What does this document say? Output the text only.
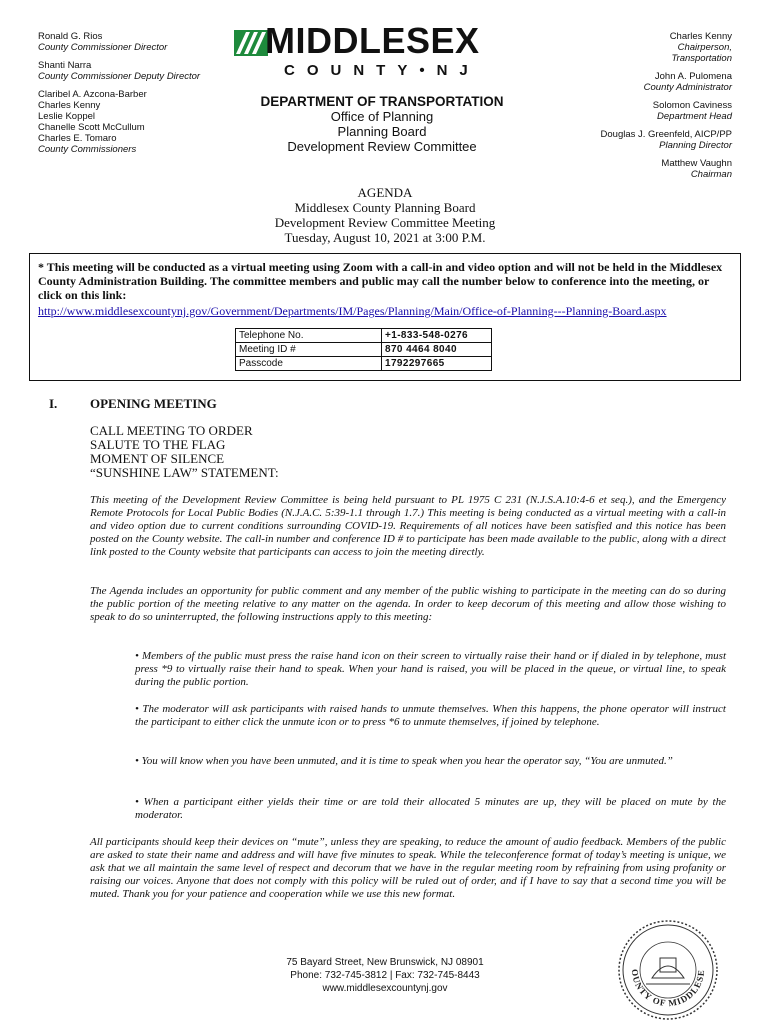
Ronald G. Rios
County Commissioner Director
Shanti Narra
County Commissioner Deputy Director
Claribel A. Azcona-Barber
Charles Kenny
Leslie Koppel
Chanelle Scott McCullum
Charles E. Tomaro
County Commissioners
MIDDLESEX
COUNTY•NJ
DEPARTMENT OF TRANSPORTATION
Office of Planning
Planning Board
Development Review Committee
Charles Kenny
Chairperson,
Transportation
John A. Pulomena
County Administrator
Solomon Caviness
Department Head
Douglas J. Greenfeld, AICP/PP
Planning Director
Matthew Vaughn
Chairman
AGENDA
Middlesex County Planning Board
Development Review Committee Meeting
Tuesday, August 10, 2021 at 3:00 P.M.
* This meeting will be conducted as a virtual meeting using Zoom with a call-in and video option and will not be held in the Middlesex County Administration Building. The committee members and public may call the number below to conference into the meeting, or click on this link:
http://www.middlesexcountynj.gov/Government/Departments/IM/Pages/Planning/Main/Office-of-Planning---Planning-Board.aspx
Telephone No.	+1-833-548-0276
Meeting ID #	870 4464 8040
Passcode	1792297665
I.	OPENING MEETING
CALL MEETING TO ORDER
SALUTE TO THE FLAG
MOMENT OF SILENCE
“SUNSHINE LAW” STATEMENT:
This meeting of the Development Review Committee is being held pursuant to PL 1975 C 231 (N.J.S.A.10:4-6 et seq.), and the Emergency Remote Protocols for Local Public Bodies (N.J.A.C. 5:39-1.1 through 1.7.) This meeting is being conducted as a virtual meeting with a call-in and video option due to current conditions surrounding COVID-19. Requirements of all notices have been satisfied and this notice has been posted on the County website. The call-in number and conference ID # to participate has been made available to the public, along with a direct link posted to the County website that participants can access to join the meeting directly.
The Agenda includes an opportunity for public comment and any member of the public wishing to participate in the meeting can do so during the public portion of the meeting relative to any matter on the agenda. In order to keep decorum of this meeting and allow those wishing to speak to do so uninterrupted, the following instructions apply to this meeting:
• Members of the public must press the raise hand icon on their screen to virtually raise their hand or if dialed in by telephone, must press *9 to virtually raise their hand to speak. When your hand is raised, you will be placed in the queue, or virtual line, to speak during the public portion.
• The moderator will ask participants with raised hands to unmute themselves. When this happens, the phone operator will instruct the participant to either click the unmute icon or to press *6 to unmute themselves, if joined by telephone.
• You will know when you have been unmuted, and it is time to speak when you hear the operator say, “You are unmuted.”
• When a participant either yields their time or are told their allocated 5 minutes are up, they will be placed on mute by the moderator.
All participants should keep their devices on “mute”, unless they are speaking, to reduce the amount of audio feedback. Members of the public are asked to state their name and address and will have five minutes to speak. While the teleconference format of today’s meeting is unique, we ask that we all maintain the same level of respect and decorum that we have in the regular meeting room by refraining from using profanity or raising our voices. Anyone that does not comply with this policy will be ruled out of order, and if I have to say that a second time you will be muted. Thank you for your patience and cooperation while we use this new format.
75 Bayard Street, New Brunswick, NJ 08901
Phone: 732-745-3812 | Fax: 732-745-8443
www.middlesexcountynj.gov
OUNTY OF MIDDLESE
